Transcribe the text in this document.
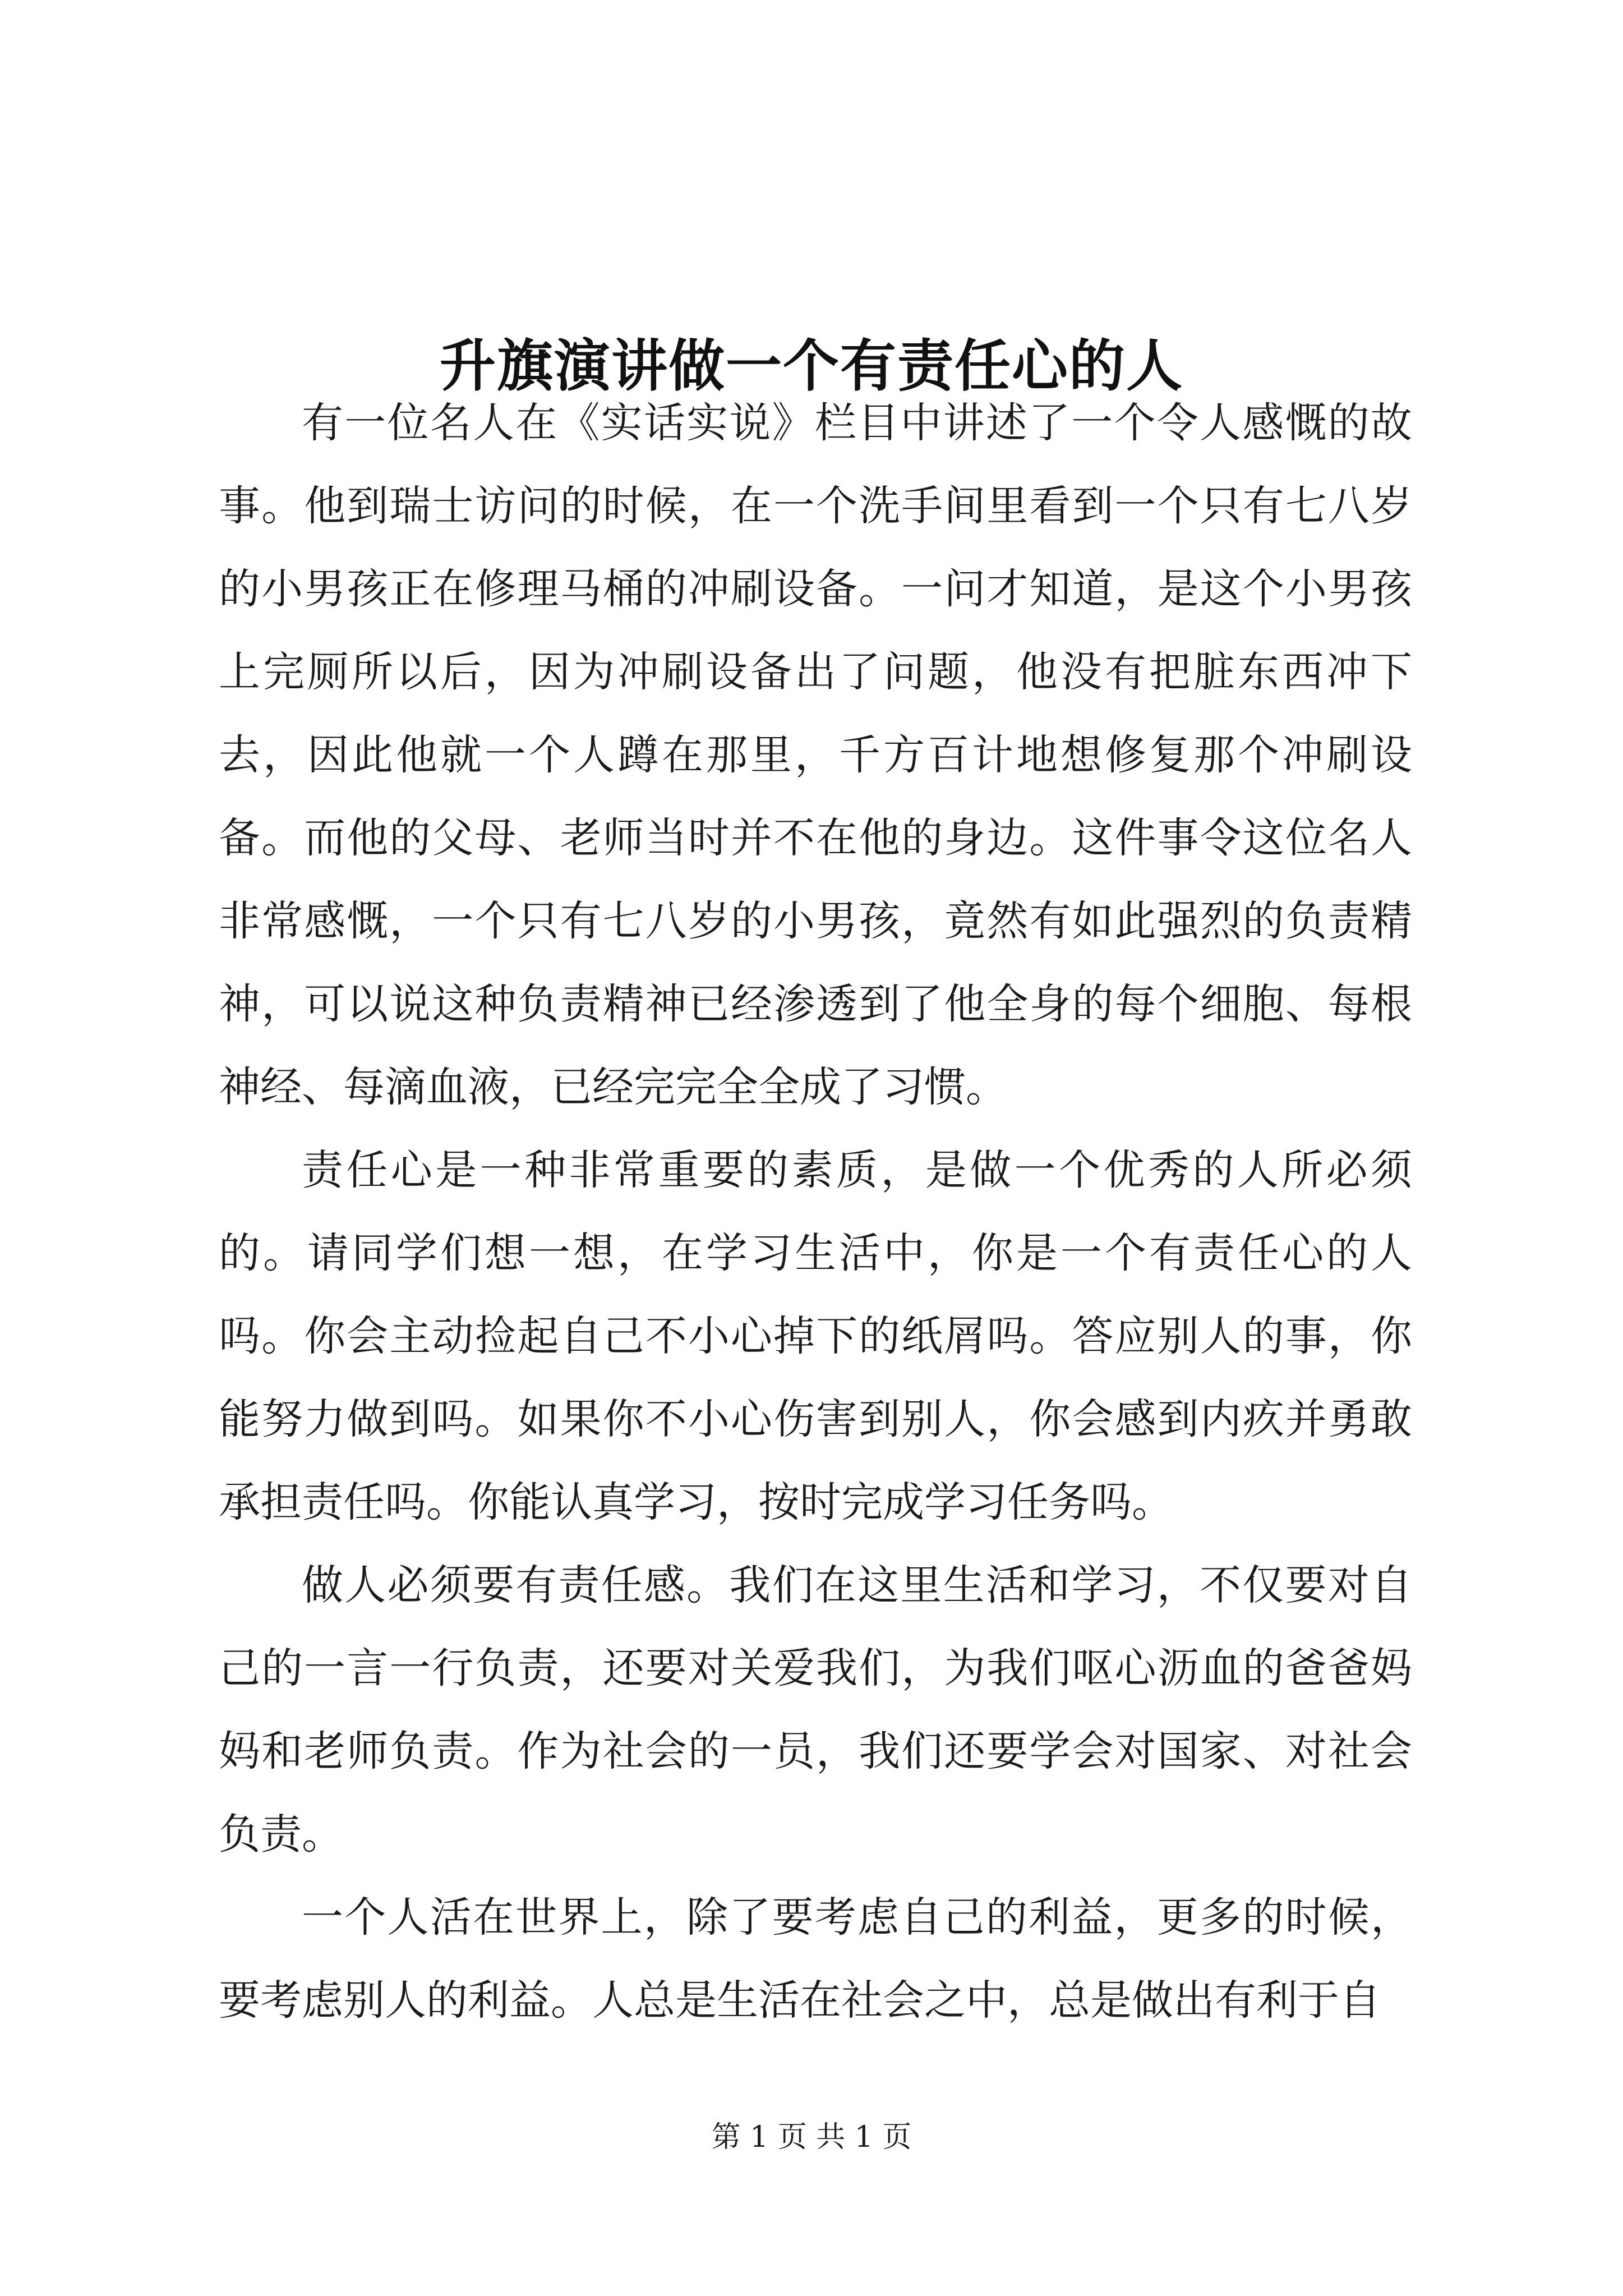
升旗演讲做一个有责任心的人

有一位名人在《实话实说》栏目中讲述了一个令人感慨的故事。他到瑞士访问的时候，在一个洗手间里看到一个只有七八岁的小男孩正在修理马桶的冲刷设备。一问才知道，是这个小男孩上完厕所以后，因为冲刷设备出了问题，他没有把脏东西冲下去，因此他就一个人蹲在那里，千方百计地想修复那个冲刷设备。而他的父母、老师当时并不在他的身边。这件事令这位名人非常感慨，一个只有七八岁的小男孩，竟然有如此强烈的负责精神，可以说这种负责精神已经渗透到了他全身的每个细胞、每根神经、每滴血液，已经完完全全成了习惯。

责任心是一种非常重要的素质，是做一个优秀的人所必须的。请同学们想一想，在学习生活中，你是一个有责任心的人吗。你会主动捡起自己不小心掉下的纸屑吗。答应别人的事，你能努力做到吗。如果你不小心伤害到别人，你会感到内疚并勇敢承担责任吗。你能认真学习，按时完成学习任务吗。

做人必须要有责任感。我们在这里生活和学习，不仅要对自己的一言一行负责，还要对关爱我们，为我们呕心沥血的爸爸妈妈和老师负责。作为社会的一员，我们还要学会对国家、对社会负责。

一个人活在世界上，除了要考虑自己的利益，更多的时候，要考虑别人的利益。人总是生活在社会之中，总是做出有利于自

第 1 页 共 1 页
